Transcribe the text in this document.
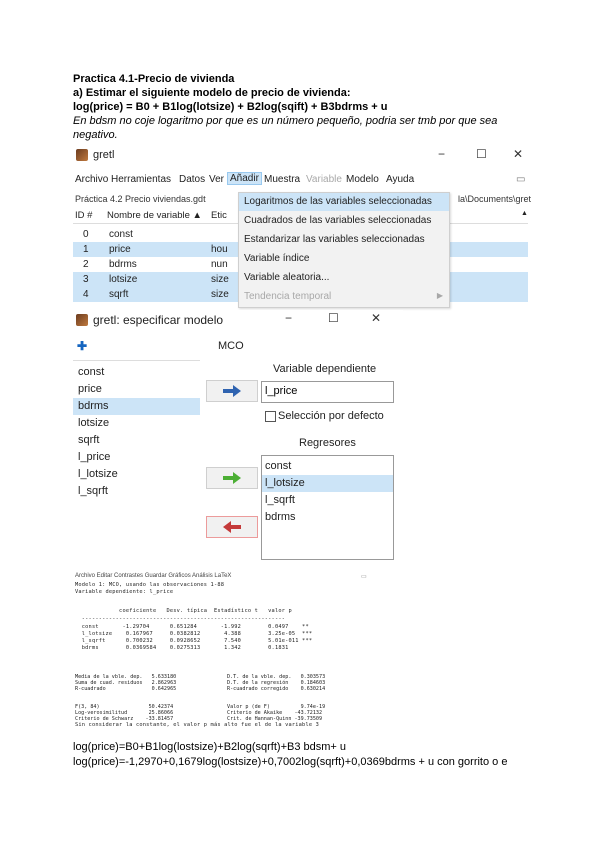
Practica 4.1-Precio de vivienda
a) Estimar el siguiente modelo de precio de vivienda:
log(price) = B0 + B1log(lotsize) + B2log(sqift) + B3bdrms + u
En bdsm no coje logaritmo por que es un número pequeño, podria ser tmb por que sea
negativo.
gretl	−	☐ ✕
Archivo Herramientas Datos Ver Añadir Muestra Variable Modelo Ayuda	▭
Práctica 4.2 Precio viviendas.gdt	la\Documents\gret
ID # Nombre de variable ▲ Etic	▲
0 const
1 price	hou
2 bdrms	nun
3 lotsize	size
4 sqrft	size
Logaritmos de las variables seleccionadas
Cuadrados de las variables seleccionadas
Estandarizar las variables seleccionadas
Variable índice
Variable aleatoria...
Tendencia temporal	▶
gretl: especificar modelo	−	☐	✕
✚	MCO
const
price
bdrms
lotsize
sqrft
l_price
l_lotsize
l_sqrft
Variable dependiente
l_price
Selección por defecto
Regresores
const
l_lotsize
l_sqrft
bdrms
Archivo Editar Contrastes Guardar Gráficos Análisis LaTeX	▭
Modelo 1: MCO, usando las observaciones 1-88
Variable dependiente: l_price
coeficiente   Desv. típica  Estadístico t   valor p
------------------------------------------------------------
const       -1.29704      0.651284       -1.992        0.0497    **
l_lotsize    0.167967     0.0382812       4.388        3.25e-05  ***
l_sqrft      0.700232     0.0928652       7.540        5.01e-011 ***
bdrms        0.0369584    0.0275313       1.342        0.1831

Media de la vble. dep.   5.633180
Suma de cuad. residuos   2.862963
R-cuadrado               0.642965

F(3, 84)                50.42374
Log-verosimilitud       25.86066
Criterio de Schwarz    -33.81457

D.T. de la vble. dep.   0.303573
D.T. de la regresión    0.184603
R-cuadrado corregido    0.630214

Valor p (de F)          9.74e-19
Criterio de Akaike    -43.72132
Crit. de Hannan-Quinn -39.73509

Sin considerar la constante, el valor p más alto fue el de la variable 3
log(price)=B0+B1log(lostsize)+B2log(sqrft)+B3 bdsm+ u
log(price)=-1,2970+0,1679log(lostsize)+0,7002log(sqrft)+0,0369bdrms + u con gorrito o e
